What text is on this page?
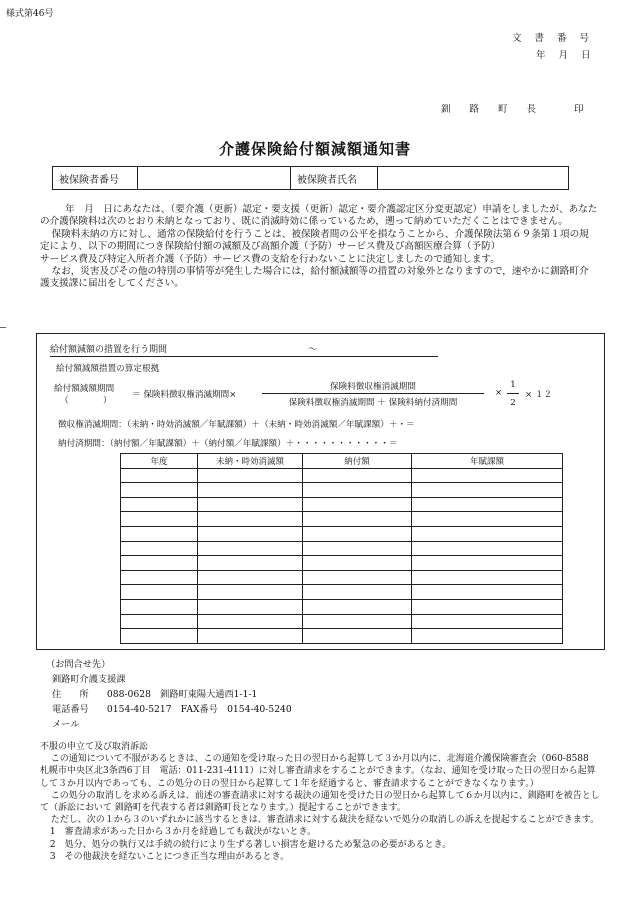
様式第46号
文 書 番 号
年 月 日
釧 路 町 長	印
介護保険給付額減額通知書
被保険者番号		被保険者氏名	

年　月　日にあなたは、（要介護（更新）認定・要支援（更新）認定・要介護認定区分変更認定）申請をしましたが、あなたの介護保険料は次のとおり未納となっており、既に消滅時効に係っているため，遡って納めていただくことはできません。

保険料未納の方に対し、通常の保険給付を行うことは、被保険者間の公平を損なうことから、介護保険法第６９条第１項の規定により、以下の期間につき保険給付額の減額及び高額介護（予防）サービス費及び高額医療合算（予防）

サービス費及び特定入所者介護（予防）サービス費の支給を行わないことに決定しましたので通知します。

なお，災害及びその他の特別の事情等が発生した場合には，給付額減額等の措置の対象外となりますので，速やかに釧路町介護支援課に届出をしてください。

給付額減額の措置を行う期間	〜
給付額減額措置の算定根拠
給付額減額期間
（　　　　）
＝ 保険料徴収権消滅期間×
保険料徴収権消滅期間
保険料徴収権消滅期間 ＋ 保険料納付済期間
×
1
2
× １２
徴収権消滅期間：（未納・時効消滅額／年賦課額）＋（未納・時効消滅額／年賦課額）＋・＝
納付済期間：（納付額／年賦課額）＋（納付額／年賦課額）＋・・・・・・・・・・・＝
年度	未納・時効消滅額	納付額	年賦課額

（お問合せ先）
釧路町介護支援課
住　　所 088-0628　釧路町東陽大通西1-1-1
電話番号 0154-40-5217　FAX番号　0154-40-5240
メール

不服の申立て及び取消訴訟

この通知について不服があるときは、この通知を受け取った日の翌日から起算して３か月以内に、北海道介護保険審査会（060-8588　札幌市中央区北3条西6丁目　電話：011-231-4111）に対し審査請求をすることができます。（なお、通知を受け取った日の翌日から起算して３か月以内であっても、この処分の日の翌日から起算して１年を経過すると、審査請求することができなくなります。）

この処分の取消しを求める訴えは、前述の審査請求に対する裁決の通知を受けた日の翌日から起算して６か月以内に、釧路町を被告として（訴訟において 釧路町を代表する者は釧路町長となります。）提起することができます。

ただし、次の１から３のいずれかに該当するときは、審査請求に対する裁決を経ないで処分の取消しの訴えを提起することができます。

1　審査請求があった日から３か月を経過しても裁決がないとき。

2　処分、処分の執行又は手続の続行により生ずる著しい損害を避けるため緊急の必要があるとき。

3　その他裁決を経ないことにつき正当な理由があるとき。
